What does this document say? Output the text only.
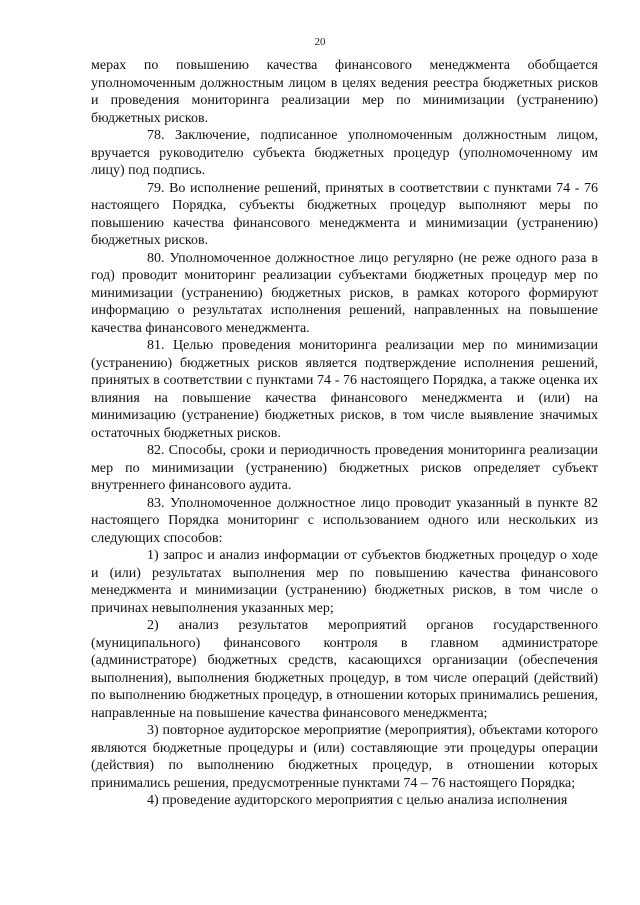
20

мерах по повышению качества финансового менеджмента обобщается уполномоченным должностным лицом в целях ведения реестра бюджетных рисков и проведения мониторинга реализации мер по минимизации (устранению) бюджетных рисков.

78. Заключение, подписанное уполномоченным должностным лицом, вручается руководителю субъекта бюджетных процедур (уполномоченному им лицу) под подпись.

79. Во исполнение решений, принятых в соответствии с пунктами 74 - 76 настоящего Порядка, субъекты бюджетных процедур выполняют меры по повышению качества финансового менеджмента и минимизации (устранению) бюджетных рисков.

80. Уполномоченное должностное лицо регулярно (не реже одного раза в год) проводит мониторинг реализации субъектами бюджетных процедур мер по минимизации (устранению) бюджетных рисков, в рамках которого формируют информацию о результатах исполнения решений, направленных на повышение качества финансового менеджмента.

81. Целью проведения мониторинга реализации мер по минимизации (устранению) бюджетных рисков является подтверждение исполнения решений, принятых в соответствии с пунктами 74 - 76 настоящего Порядка, а также оценка их влияния на повышение качества финансового менеджмента и (или) на минимизацию (устранение) бюджетных рисков, в том числе выявление значимых остаточных бюджетных рисков.

82. Способы, сроки и периодичность проведения мониторинга реализации мер по минимизации (устранению) бюджетных рисков определяет субъект внутреннего финансового аудита.

83. Уполномоченное должностное лицо проводит указанный в пункте 82 настоящего Порядка мониторинг с использованием одного или нескольких из следующих способов:

1) запрос и анализ информации от субъектов бюджетных процедур о ходе и (или) результатах выполнения мер по повышению качества финансового менеджмента и минимизации (устранению) бюджетных рисков, в том числе о причинах невыполнения указанных мер;

2) анализ результатов мероприятий органов государственного (муниципального) финансового контроля в главном администраторе (администраторе) бюджетных средств, касающихся организации (обеспечения выполнения), выполнения бюджетных процедур, в том числе операций (действий) по выполнению бюджетных процедур, в отношении которых принимались решения, направленные на повышение качества финансового менеджмента;

3) повторное аудиторское мероприятие (мероприятия), объектами которого являются бюджетные процедуры и (или) составляющие эти процедуры операции (действия) по выполнению бюджетных процедур, в отношении которых принимались решения, предусмотренные пунктами 74 – 76 настоящего Порядка;

4) проведение аудиторского мероприятия с целью анализа исполнения
